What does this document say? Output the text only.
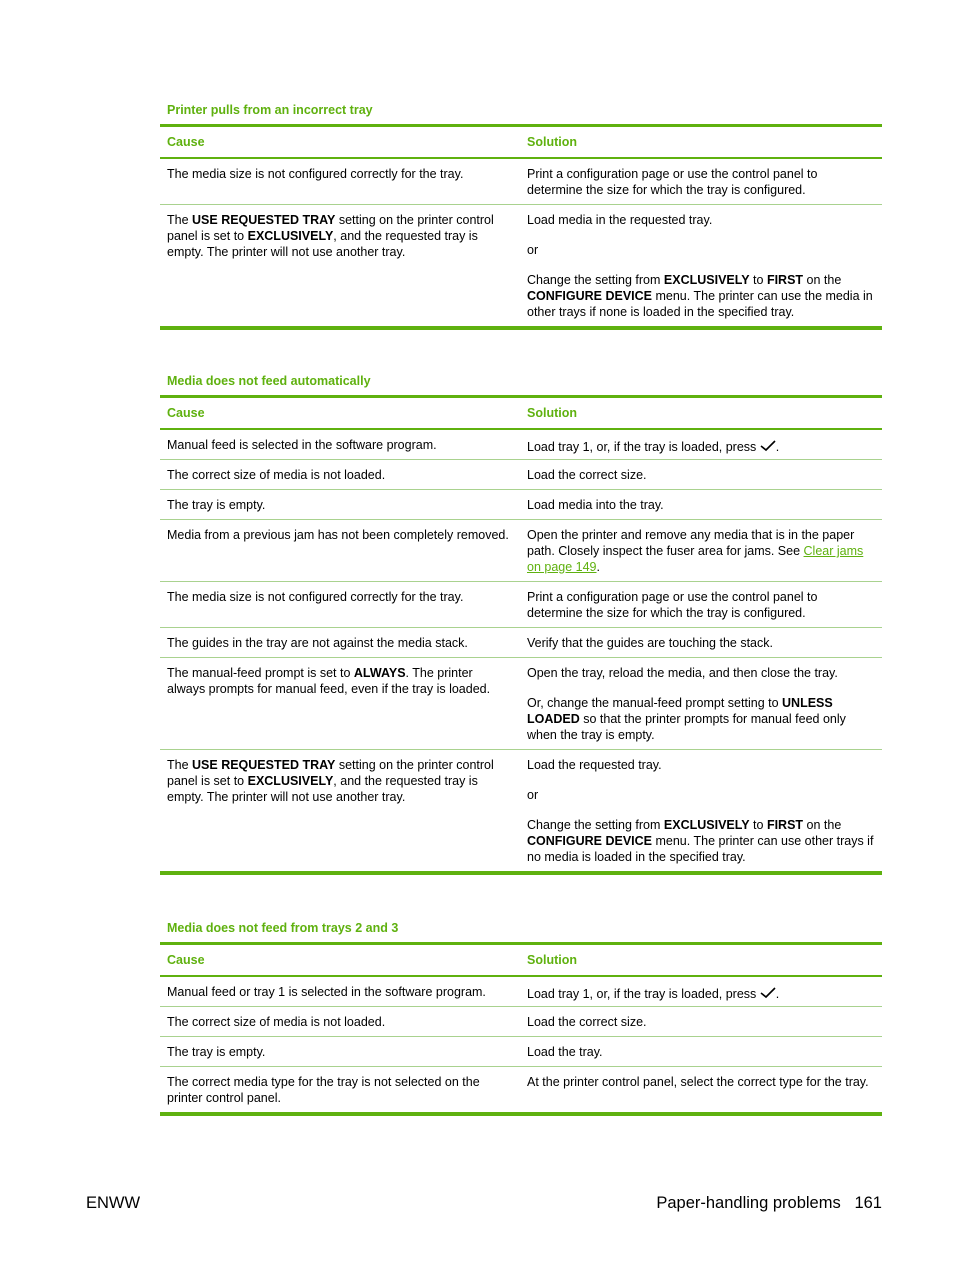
Printer pulls from an incorrect tray
Cause	Solution
The media size is not configured correctly for the tray.	Print a configuration page or use the control panel to determine the size for which the tray is configured.
The USE REQUESTED TRAY setting on the printer control panel is set to EXCLUSIVELY, and the requested tray is empty. The printer will not use another tray.	Load media in the requested tray.

or

Change the setting from EXCLUSIVELY to FIRST on the CONFIGURE DEVICE menu. The printer can use the media in other trays if none is loaded in the specified tray.

Media does not feed automatically
Cause	Solution
Manual feed is selected in the software program.	Load tray 1, or, if the tray is loaded, press .
The correct size of media is not loaded.	Load the correct size.
The tray is empty.	Load media into the tray.
Media from a previous jam has not been completely removed.	Open the printer and remove any media that is in the paper path. Closely inspect the fuser area for jams. See Clear jams on page 149.
The media size is not configured correctly for the tray.	Print a configuration page or use the control panel to determine the size for which the tray is configured.
The guides in the tray are not against the media stack.	Verify that the guides are touching the stack.
The manual-feed prompt is set to ALWAYS. The printer always prompts for manual feed, even if the tray is loaded.	Open the tray, reload the media, and then close the tray.

Or, change the manual-feed prompt setting to UNLESS LOADED so that the printer prompts for manual feed only when the tray is empty.

The USE REQUESTED TRAY setting on the printer control panel is set to EXCLUSIVELY, and the requested tray is empty. The printer will not use another tray.	Load the requested tray.

or

Change the setting from EXCLUSIVELY to FIRST on the CONFIGURE DEVICE menu. The printer can use other trays if no media is loaded in the specified tray.

Media does not feed from trays 2 and 3
Cause	Solution
Manual feed or tray 1 is selected in the software program.	Load tray 1, or, if the tray is loaded, press .
The correct size of media is not loaded.	Load the correct size.
The tray is empty.	Load the tray.
The correct media type for the tray is not selected on the printer control panel.	At the printer control panel, select the correct type for the tray.
ENWW	Paper-handling problems   161
